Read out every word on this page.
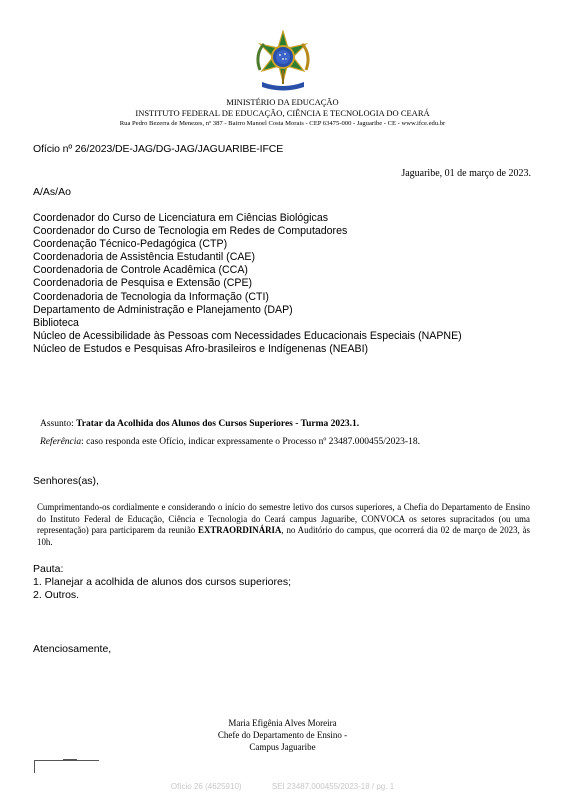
MINISTÉRIO DA EDUCAÇÃO
INSTITUTO FEDERAL DE EDUCAÇÃO, CIÊNCIA E TECNOLOGIA DO CEARÁ
Rua Pedro Bezerra de Menezes, nº 387 - Bairro Manoel Costa Morais - CEP 63475-000 - Jaguaribe - CE - www.ifce.edu.br
Ofício nº 26/2023/DE-JAG/DG-JAG/JAGUARIBE-IFCE
Jaguaribe, 01 de março de 2023.
A/As/Ao
Coordenador do Curso de Licenciatura em Ciências Biológicas
Coordenador do Curso de Tecnologia em Redes de Computadores
Coordenação Técnico-Pedagógica (CTP)
Coordenadoria de Assistência Estudantil (CAE)
Coordenadoria de Controle Acadêmica (CCA)
Coordenadoria de Pesquisa e Extensão (CPE)
Coordenadoria de Tecnologia da Informação (CTI)
Departamento de Administração e Planejamento (DAP)
Biblioteca
Núcleo de Acessibilidade às Pessoas com Necessidades Educacionais Especiais (NAPNE)
Núcleo de Estudos e Pesquisas Afro-brasileiros e Indígenenas (NEABI)
Assunto: Tratar da Acolhida dos Alunos dos Cursos Superiores - Turma 2023.1.
Referência: caso responda este Ofício, indicar expressamente o Processo nº 23487.000455/2023-18.
Senhores(as),
Cumprimentando-os cordialmente e considerando o início do semestre letivo dos cursos superiores, a Chefia do Departamento de Ensino do Instituto Federal de Educação, Ciência e Tecnologia do Ceará campus Jaguaribe, CONVOCA os setores supracitados (ou uma representação) para participarem da reunião EXTRAORDINÁRIA, no Auditório do campus, que ocorrerá dia 02 de março de 2023, às 10h.
Pauta:
1. Planejar a acolhida de alunos dos cursos superiores;
2. Outros.
Atenciosamente,
Maria Efigênia Alves Moreira
Chefe do Departamento de Ensino -
Campus Jaguaribe
Ofício 26 (4625910)	SEI 23487.000455/2023-18 / pg. 1
